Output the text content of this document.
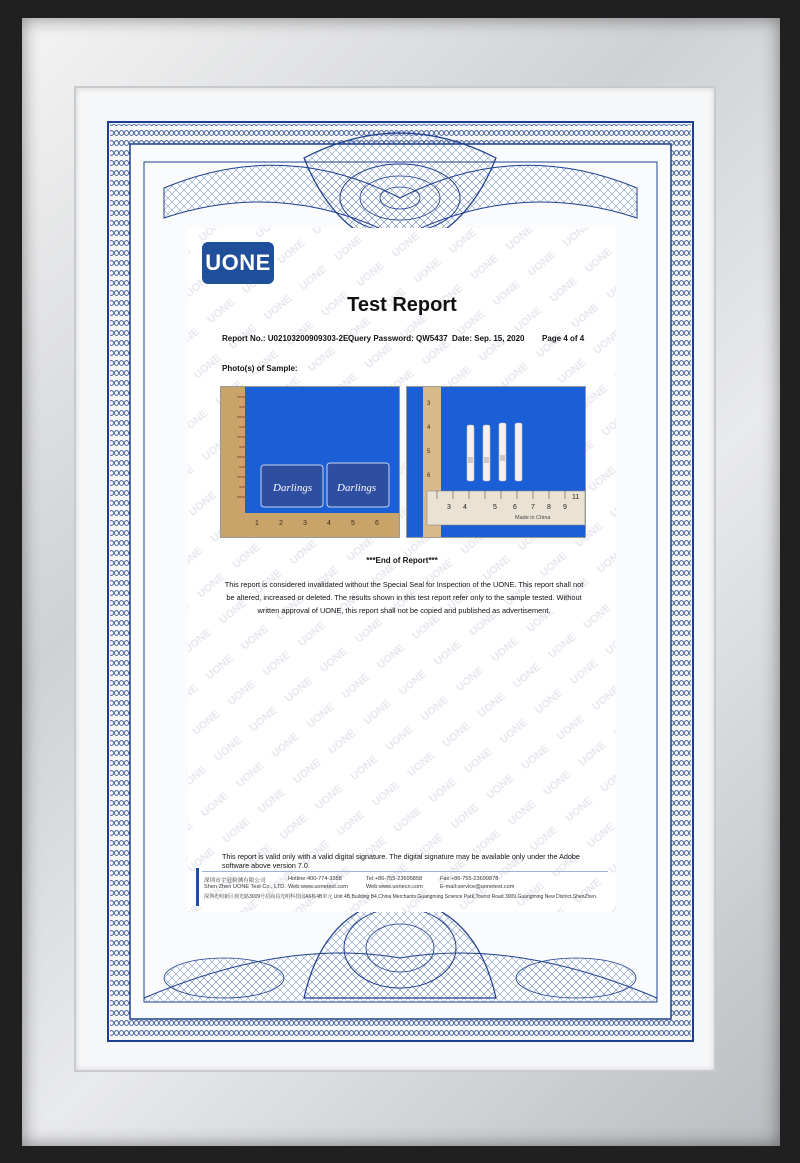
UONE
Test Report
Report No.: U02103200909303-2E Query Password: QW5437 Date: Sep. 15, 2020 Page 4 of 4
Photo(s) of Sample:
1	2	3	4	5	6
Darlings Darlings
3
4
5
6
3 4	5 6 7 8 9
11
Made in China
***End of Report***
This report is considered invalidated without the Special Seal for Inspection of the UONE. This report shall not be altered, increased or deleted. The results shown in this test report refer only to the sample tested. Without written approval of UONE, this report shall not be copied and published as advertisement.
This report is valid only with a valid digital signature. The digital signature may be available only under the Adobe software above version 7.0.
深圳市宇冠检测有限公司
Shen Zhen UONE Test Co., LTD.
Hotline:400-774-3358
Web:www.uonetest.com
Tel:+86-755-23695858
Web:www.uonecn.com
Fax:+86-755-23699878
E-mail:service@uonetest.com
深圳光明新区观光路3009号招商局光明科技园A6栋4B单元 Unit 4B,Building B4,China Merchants Guangming Science Park,Tourist Road 3009,Guangming New District,ShenZhen.
